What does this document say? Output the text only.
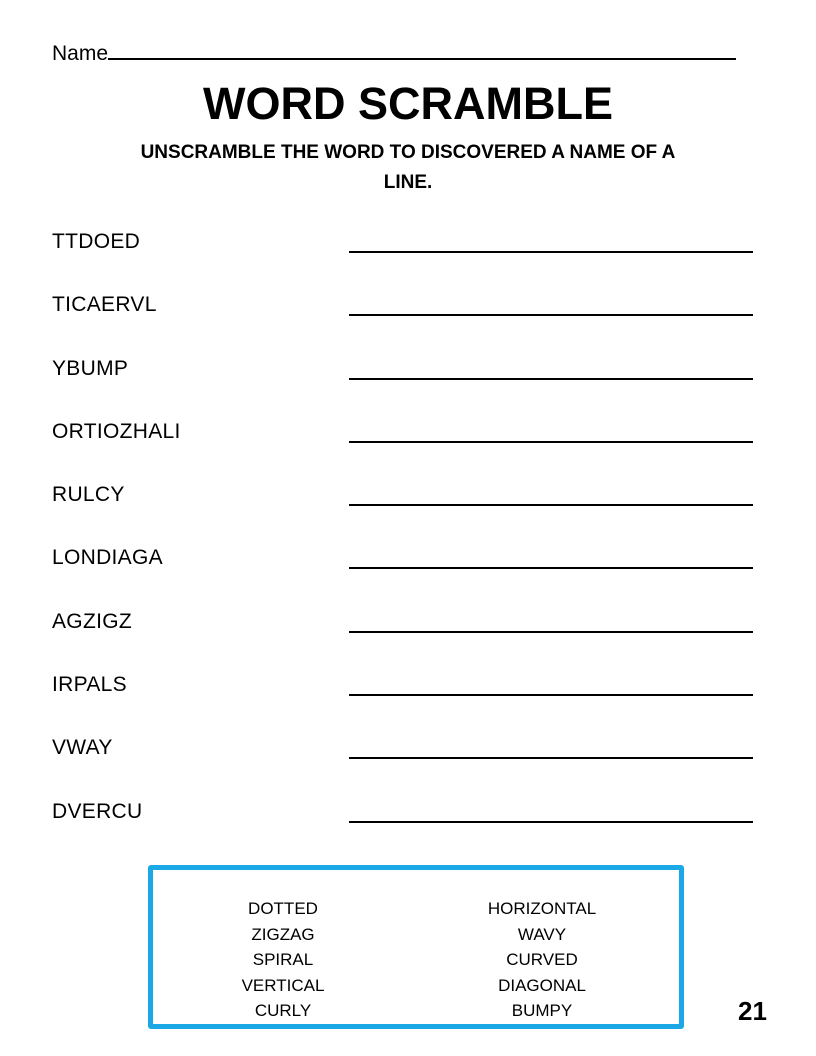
Name
WORD SCRAMBLE
UNSCRAMBLE THE WORD TO DISCOVERED A NAME OF A LINE.
TTDOED
TICAERVL
YBUMP
ORTIOZHALI
RULCY
LONDIAGA
AGZIGZ
IRPALS
VWAY
DVERCU
DOTTED
ZIGZAG
SPIRAL
VERTICAL
CURLY
HORIZONTAL
WAVY
CURVED
DIAGONAL
BUMPY	21
